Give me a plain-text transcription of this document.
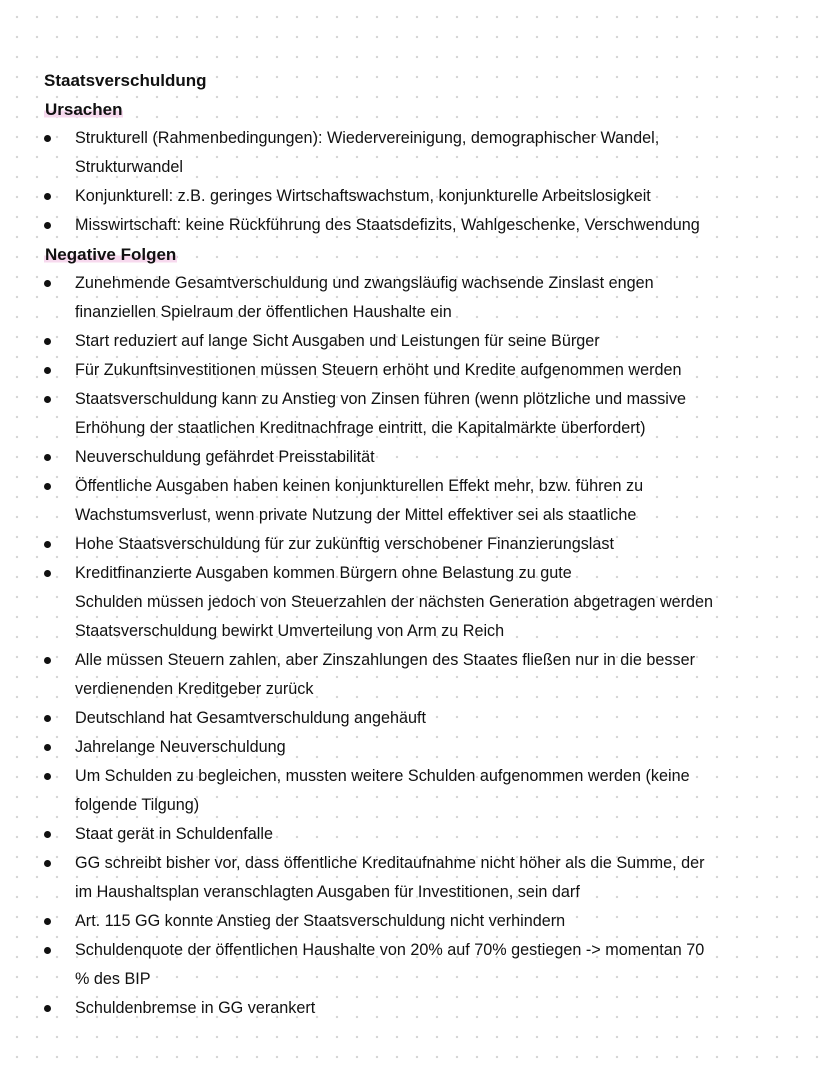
Staatsverschuldung
Ursachen
Strukturell (Rahmenbedingungen): Wiedervereinigung, demographischer Wandel,
Strukturwandel
Konjunkturell: z.B. geringes Wirtschaftswachstum, konjunkturelle Arbeitslosigkeit
Misswirtschaft: keine Rückführung des Staatsdefizits, Wahlgeschenke, Verschwendung
Negative Folgen
Zunehmende Gesamtverschuldung und zwangsläufig wachsende Zinslast engen
finanziellen Spielraum der öffentlichen Haushalte ein
Start reduziert auf lange Sicht Ausgaben und Leistungen für seine Bürger
Für Zukunftsinvestitionen müssen Steuern erhöht und Kredite aufgenommen werden
Staatsverschuldung kann zu Anstieg von Zinsen führen (wenn plötzliche und massive
Erhöhung der staatlichen Kreditnachfrage eintritt, die Kapitalmärkte überfordert)
Neuverschuldung gefährdet Preisstabilität
Öffentliche Ausgaben haben keinen konjunkturellen Effekt mehr, bzw. führen zu
Wachstumsverlust, wenn private Nutzung der Mittel effektiver sei als staatliche
Hohe Staatsverschuldung für zur zukünftig verschobener Finanzierungslast
Kreditfinanzierte Ausgaben kommen Bürgern ohne Belastung zu gute
Schulden müssen jedoch von Steuerzahlen der nächsten Generation abgetragen werden
Staatsverschuldung bewirkt Umverteilung von Arm zu Reich
Alle müssen Steuern zahlen, aber Zinszahlungen des Staates fließen nur in die besser
verdienenden Kreditgeber zurück
Deutschland hat Gesamtverschuldung angehäuft
Jahrelange Neuverschuldung
Um Schulden zu begleichen, mussten weitere Schulden aufgenommen werden (keine
folgende Tilgung)
Staat gerät in Schuldenfalle
GG schreibt bisher vor, dass öffentliche Kreditaufnahme nicht höher als die Summe, der
im Haushaltsplan veranschlagten Ausgaben für Investitionen, sein darf
Art. 115 GG konnte Anstieg der Staatsverschuldung nicht verhindern
Schuldenquote der öffentlichen Haushalte von 20% auf 70% gestiegen -> momentan 70
% des BIP
Schuldenbremse in GG verankert
